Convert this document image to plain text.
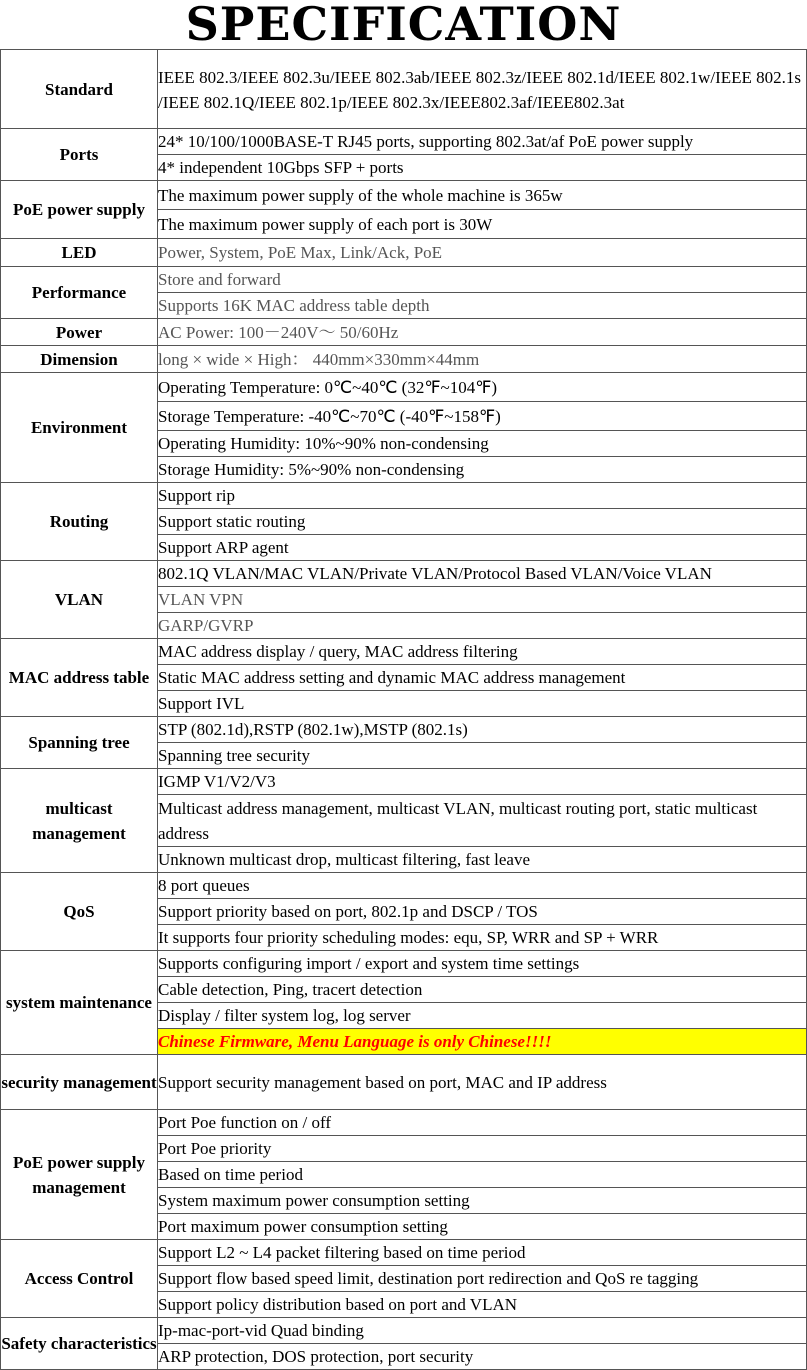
SPECIFICATION
Standard	IEEE 802.3/IEEE 802.3u/IEEE 802.3ab/IEEE 802.3z/IEEE 802.1d/IEEE 802.1w/IEEE 802.1s /IEEE 802.1Q/IEEE 802.1p/IEEE 802.3x/IEEE802.3af/IEEE802.3at
Ports	24* 10/100/1000BASE-T RJ45 ports, supporting 802.3at/af PoE power supply
	4* independent 10Gbps SFP + ports
PoE power supply	The maximum power supply of the whole machine is 365w
	The maximum power supply of each port is 30W
LED	Power, System, PoE Max, Link/Ack, PoE
Performance	Store and forward
	Supports 16K MAC address table depth
Power	AC Power: 100－240V～ 50/60Hz
Dimension	long × wide × High： 440mm×330mm×44mm
Environment	Operating Temperature: 0℃~40℃ (32℉~104℉)
	Storage Temperature: -40℃~70℃ (-40℉~158℉)
	Operating Humidity: 10%~90% non-condensing
	Storage Humidity: 5%~90% non-condensing
Routing	Support rip
	Support static routing
	Support ARP agent
VLAN	802.1Q VLAN/MAC VLAN/Private VLAN/Protocol Based VLAN/Voice VLAN
	VLAN VPN
	GARP/GVRP
MAC address table	MAC address display / query, MAC address filtering
	Static MAC address setting and dynamic MAC address management
	Support IVL
Spanning tree	STP (802.1d),RSTP (802.1w),MSTP (802.1s)
	Spanning tree security
multicast management	IGMP V1/V2/V3
	Multicast address management, multicast VLAN, multicast routing port, static multicast address
	Unknown multicast drop, multicast filtering, fast leave
QoS	8 port queues
	Support priority based on port, 802.1p and DSCP / TOS
	It supports four priority scheduling modes: equ, SP, WRR and SP + WRR
system maintenance	Supports configuring import / export and system time settings
	Cable detection, Ping, tracert detection
	Display / filter system log, log server
	Chinese Firmware, Menu Language is only Chinese!!!!
security management	Support security management based on port, MAC and IP address
PoE power supply management	Port Poe function on / off
	Port Poe priority
	Based on time period
	System maximum power consumption setting
	Port maximum power consumption setting
Access Control	Support L2 ~ L4 packet filtering based on time period
	Support flow based speed limit, destination port redirection and QoS re tagging
	Support policy distribution based on port and VLAN
Safety characteristics	Ip-mac-port-vid Quad binding
	ARP protection, DOS protection, port security
